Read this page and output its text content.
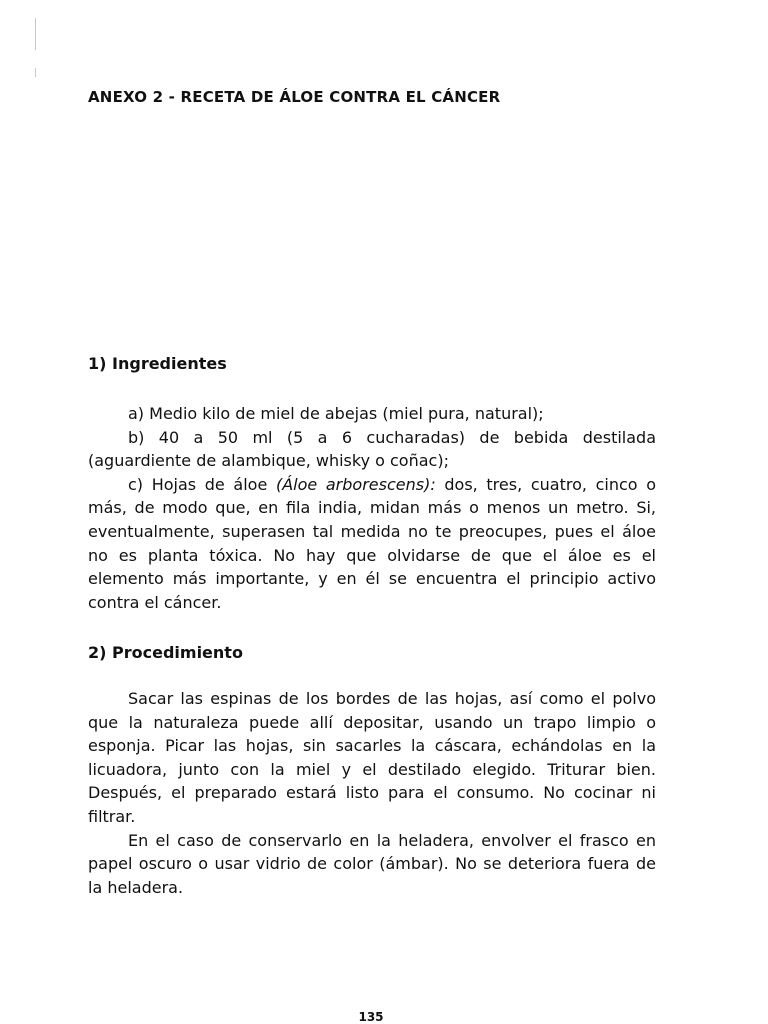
ANEXO 2 - RECETA DE ÁLOE CONTRA EL CÁNCER
1) Ingredientes

a) Medio kilo de miel de abejas (miel pura, natural);

b) 40 a 50 ml (5 a 6 cucharadas) de bebida destilada (aguardiente de alambique, whisky o coñac);

c) Hojas de áloe (Áloe arborescens): dos, tres, cuatro, cinco o más, de modo que, en fila india, midan más o menos un metro. Si, eventualmente, superasen tal medida no te preocupes, pues el áloe no es planta tóxica. No hay que olvidarse de que el áloe es el elemento más importante, y en él se encuentra el principio activo contra el cáncer.

2) Procedimiento

Sacar las espinas de los bordes de las hojas, así como el polvo que la naturaleza puede allí depositar, usando un trapo limpio o esponja. Picar las hojas, sin sacarles la cáscara, echándolas en la licuadora, junto con la miel y el destilado elegido. Triturar bien. Después, el preparado estará listo para el consumo. No cocinar ni filtrar.

En el caso de conservarlo en la heladera, envolver el frasco en papel oscuro o usar vidrio de color (ámbar). No se deteriora fuera de la heladera.

135
